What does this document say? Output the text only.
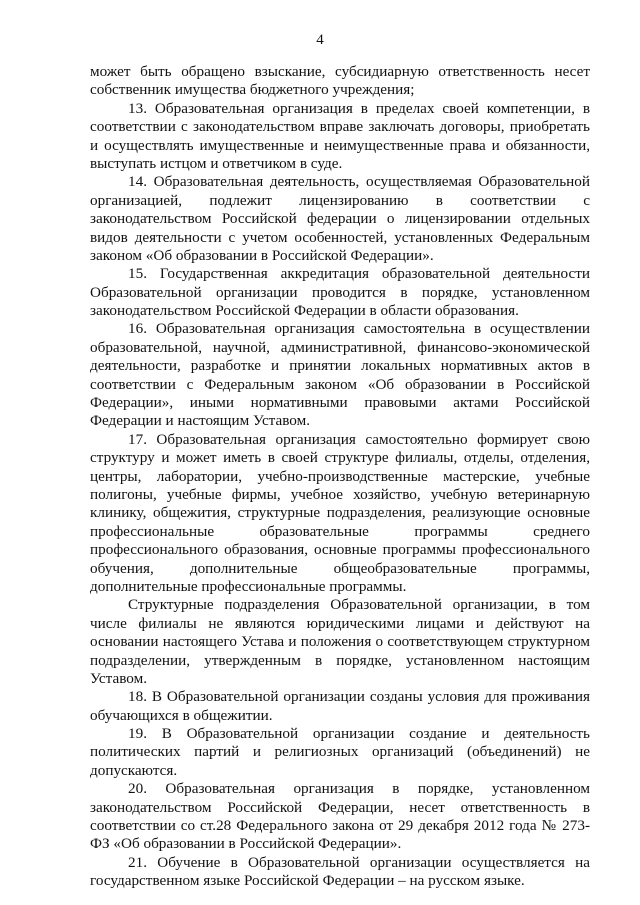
4
может быть обращено взыскание, субсидиарную ответственность несет
собственник имущества бюджетного учреждения;
13. Образовательная организация в пределах своей компетенции, в
соответствии с законодательством вправе заключать договоры, приобретать
и осуществлять имущественные и неимущественные права и обязанности,
выступать истцом и ответчиком в суде.
14. Образовательная деятельность, осуществляемая Образовательной
организацией, подлежит лицензированию в соответствии с
законодательством Российской федерации о лицензировании отдельных
видов деятельности с учетом особенностей, установленных Федеральным
законом «Об образовании в Российской Федерации».
15. Государственная аккредитация образовательной деятельности
Образовательной организации проводится в порядке, установленном
законодательством Российской Федерации в области образования.
16. Образовательная организация самостоятельна в осуществлении
образовательной, научной, административной, финансово-экономической
деятельности, разработке и принятии локальных нормативных актов в
соответствии с Федеральным законом «Об образовании в Российской
Федерации», иными нормативными правовыми актами Российской
Федерации и настоящим Уставом.
17. Образовательная организация самостоятельно формирует свою
структуру и может иметь в своей структуре филиалы, отделы, отделения,
центры, лаборатории, учебно-производственные мастерские, учебные
полигоны, учебные фирмы, учебное хозяйство, учебную ветеринарную
клинику, общежития, структурные подразделения, реализующие основные
профессиональные образовательные программы среднего
профессионального образования, основные программы профессионального
обучения, дополнительные общеобразовательные программы,
дополнительные профессиональные программы.
Структурные подразделения Образовательной организации, в том
числе филиалы не являются юридическими лицами и действуют на
основании настоящего Устава и положения о соответствующем структурном
подразделении, утвержденным в порядке, установленном настоящим
Уставом.
18. В Образовательной организации созданы условия для проживания
обучающихся в общежитии.
19. В Образовательной организации создание и деятельность
политических партий и религиозных организаций (объединений) не
допускаются.
20. Образовательная организация в порядке, установленном
законодательством Российской Федерации, несет ответственность в
соответствии со ст.28 Федерального закона от 29 декабря 2012 года № 273-
ФЗ «Об образовании в Российской Федерации».
21. Обучение в Образовательной организации осуществляется на
государственном языке Российской Федерации – на русском языке.
